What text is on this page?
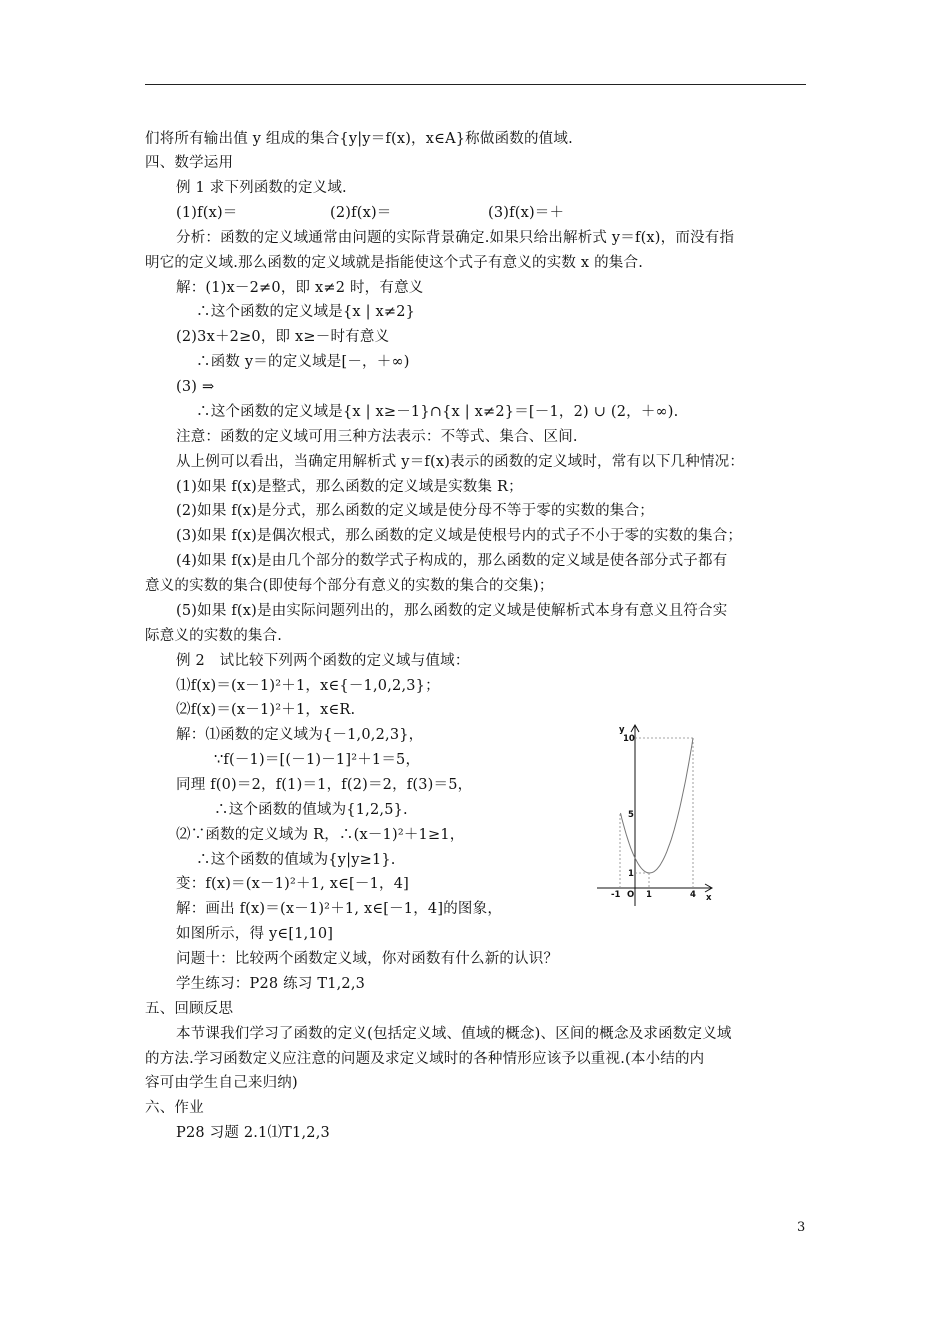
们将所有输出值 y 组成的集合{y|y＝f(x)，x∈A}称做函数的值域.
四、数学运用
例 1 求下列函数的定义域.
(1)f(x)＝	(2)f(x)＝	(3)f(x)＝＋
分析：函数的定义域通常由问题的实际背景确定.如果只给出解析式 y＝f(x)，而没有指
明它的定义域.那么函数的定义域就是指能使这个式子有意义的实数 x 的集合.
解：(1)x－2≠0，即 x≠2 时，有意义
∴这个函数的定义域是{x | x≠2}
(2)3x＋2≥0，即 x≥－时有意义
∴函数 y＝的定义域是[－，＋∞)
(3) ⇒
∴这个函数的定义域是{x | x≥－1}∩{x | x≠2}＝[－1，2) ∪ (2，＋∞).
注意：函数的定义域可用三种方法表示：不等式、集合、区间.
从上例可以看出，当确定用解析式 y＝f(x)表示的函数的定义域时，常有以下几种情况：
(1)如果 f(x)是整式，那么函数的定义域是实数集 R；
(2)如果 f(x)是分式，那么函数的定义域是使分母不等于零的实数的集合；
(3)如果 f(x)是偶次根式，那么函数的定义域是使根号内的式子不小于零的实数的集合；
(4)如果 f(x)是由几个部分的数学式子构成的，那么函数的定义域是使各部分式子都有
意义的实数的集合(即使每个部分有意义的实数的集合的交集)；
(5)如果 f(x)是由实际问题列出的，那么函数的定义域是使解析式本身有意义且符合实
际意义的实数的集合.
例 2　试比较下列两个函数的定义域与值域：
⑴f(x)＝(x－1)²＋1，x∈{－1,0,2,3}；
⑵f(x)＝(x－1)²＋1，x∈R.
解：⑴函数的定义域为{－1,0,2,3}，
∵f(－1)＝[(－1)－1]²＋1＝5，
同理 f(0)＝2，f(1)＝1，f(2)＝2，f(3)＝5，
∴这个函数的值域为{1,2,5}.
⑵∵函数的定义域为 R，∴(x－1)²＋1≥1，
∴这个函数的值域为{y|y≥1}.
变：f(x)＝(x－1)²＋1, x∈[－1，4]
解：画出 f(x)＝(x－1)²＋1, x∈[－1，4]的图象，
如图所示，得 y∈[1,10]
问题十：比较两个函数定义域，你对函数有什么新的认识？
学生练习：P28 练习 T1,2,3
五、回顾反思
本节课我们学习了函数的定义(包括定义域、值域的概念)、区间的概念及求函数定义域
的方法.学习函数定义应注意的问题及求定义域时的各种情形应该予以重视.(本小结的内
容可由学生自己来归纳)
六、作业
P28 习题 2.1⑴T1,2,3
y
x
O
-1	1	4
1
5
10
3
